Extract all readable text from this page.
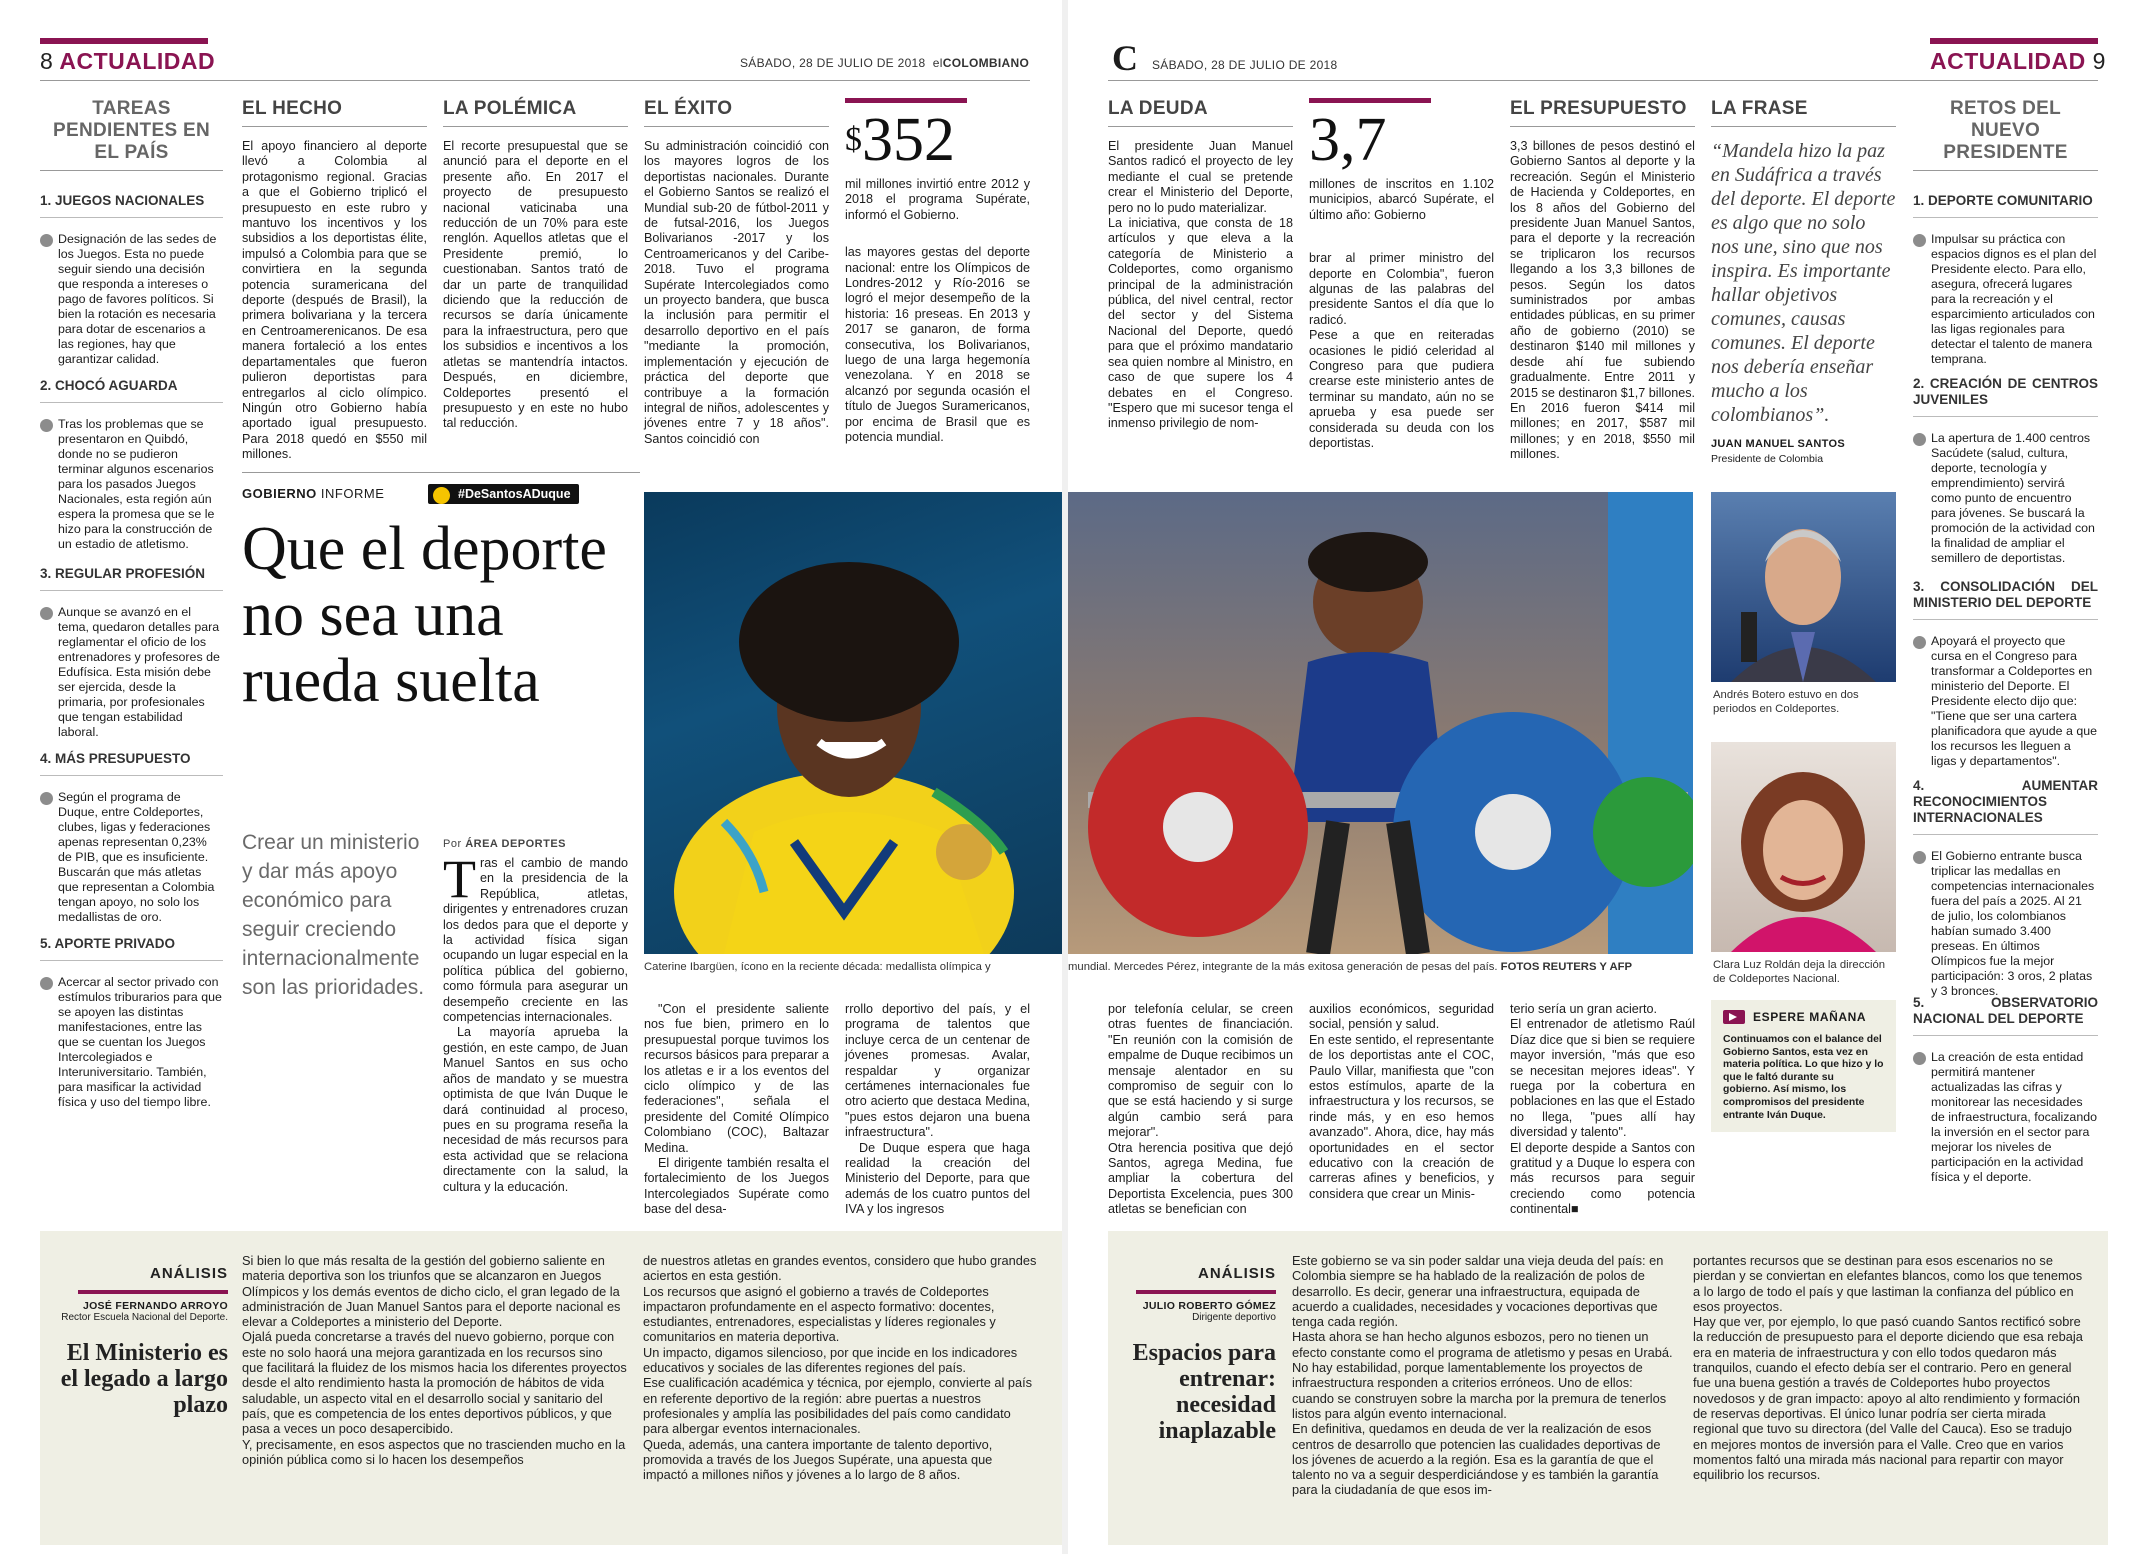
8 ACTUALIDAD	SÁBADO, 28 DE JULIO DE 2018 elCOLOMBIANO
TAREAS PENDIENTES EN EL PAÍS
1. JUEGOS NACIONALES
Designación de las sedes de los Juegos. Esta no puede seguir siendo una decisión que responda a intereses o pago de favores políticos. Si bien la rotación es necesaria para dotar de escenarios a las regiones, hay que garantizar calidad.
2. CHOCÓ AGUARDA
Tras los problemas que se presentaron en Quibdó, donde no se pudieron terminar algunos escenarios para los pasados Juegos Nacionales, esta región aún espera la promesa que se le hizo para la construcción de un estadio de atletismo.
3. REGULAR PROFESIÓN
Aunque se avanzó en el tema, quedaron detalles para reglamentar el oficio de los entrenadores y profesores de Edufísica. Esta misión debe ser ejercida, desde la primaria, por profesionales que tengan estabilidad laboral.
4. MÁS PRESUPUESTO
Según el programa de Duque, entre Coldeportes, clubes, ligas y federaciones apenas representan 0,23% de PIB, que es insuficiente. Buscarán que más atletas que representan a Colombia tengan apoyo, no solo los medallistas de oro.
5. APORTE PRIVADO
Acercar al sector privado con estímulos triburarios para que se apoyen las distintas manifestaciones, entre las que se cuentan los Juegos Intercolegiados e Interuniversitario. También, para masificar la actividad física y uso del tiempo libre.
EL HECHO

El apoyo financiero al deporte llevó a Colombia al protagonismo regional. Gracias a que el Gobierno triplicó el presupuesto en este rubro y mantuvo los incentivos y los subsidios a los deportistas élite, impulsó a Colombia para que se convirtiera en la segunda potencia suramericana del deporte (después de Brasil), la primera bolivariana y la tercera en Centroamerenicanos. De esa manera fortaleció a los entes departamentales que fueron pulieron deportistas para entregarlos al ciclo olímpico. Ningún otro Gobierno había aportado igual presupuesto. Para 2018 quedó en $550 mil millones.

LA POLÉMICA

El recorte presupuestal que se anunció para el deporte en el presente año. En 2017 el proyecto de presupuesto nacional vaticinaba una reducción de un 70% para este renglón. Aquellos atletas que el Presidente premió, lo cuestionaban. Santos trató de dar un parte de tranquilidad diciendo que la reducción de recursos se daría únicamente para la infraestructura, pero que los subsidios e incentivos a los atletas se mantendría intactos. Después, en diciembre, Coldeportes presentó el presupuesto y en este no hubo tal reducción.

EL ÉXITO

Su administración coincidió con los mayores logros de los deportistas nacionales. Durante el Gobierno Santos se realizó el Mundial sub-20 de fútbol-2011 y de futsal-2016, los Juegos Bolivarianos -2017 y los Centroamericanos y del Caribe-2018. Tuvo el programa Supérate Intercolegiados como un proyecto bandera, que busca la inclusión para permitir el desarrollo deportivo en el país "mediante la promoción, implementación y ejecución de práctica del deporte que contribuye a la formación integral de niños, adolescentes y jóvenes entre 7 y 18 años". Santos coincidió con

$352

mil millones invirtió entre 2012 y 2018 el programa Supérate, informó el Gobierno.

las mayores gestas del deporte nacional: entre los Olímpicos de Londres-2012 y Río-2016 se logró el mejor desempeño de la historia: 16 preseas. En 2013 y 2017 se ganaron, de forma consecutiva, los Bolivarianos, luego de una larga hegemonía venezolana. Y en 2018 se alcanzó por segunda ocasión el título de Juegos Suramericanos, por encima de Brasil que es potencia mundial.

GOBIERNO INFORME	#DeSantosADuque
Que el deporte no sea una rueda suelta
Crear un ministerio y dar más apoyo económico para seguir creciendo internacionalmente son las prioridades.
Por ÁREA DEPORTES

Tras el cambio de mando en la presidencia de la República, atletas, dirigentes y entrenadores cruzan los dedos para que el deporte y la actividad física sigan ocupando un lugar especial en la política pública del gobierno, como fórmula para asegurar un desempeño creciente en las competencias internacionales.

La mayoría aprueba la gestión, en este campo, de Juan Manuel Santos en sus ocho años de mandato y se muestra optimista de que Iván Duque le dará continuidad al proceso, pues en su programa reseña la necesidad de más recursos para esta actividad que se relaciona directamente con la salud, la cultura y la educación.

"Con el presidente saliente nos fue bien, primero en lo presupuestal porque tuvimos los recursos básicos para preparar a los atletas e ir a los eventos del ciclo olímpico y de las federaciones", señala el presidente del Comité Olímpico Colombiano (COC), Baltazar Medina.

El dirigente también resalta el fortalecimiento de los Juegos Intercolegiados Supérate como base del desa-

rrollo deportivo del país, y el programa de talentos que incluye cerca de un centenar de jóvenes promesas. Avalar, respaldar y organizar certámenes internacionales fue otro acierto que destaca Medina, "pues estos dejaron una buena infraestructura".

De Duque espera que haga realidad la creación del Ministerio del Deporte, para que además de los cuatro puntos del IVA y los ingresos

Caterine Ibargüen, ícono en la reciente década: medallista olímpica y
ANÁLISIS
JOSÉ FERNANDO ARROYO
Rector Escuela Nacional del Deporte.
El Ministerio es el legado a largo plazo
Si bien lo que más resalta de la gestión del gobierno saliente en materia deportiva son los triunfos que se alcanzaron en Juegos Olímpicos y los demás eventos de dicho ciclo, el gran legado de la administración de Juan Manuel Santos para el deporte nacional es elevar a Coldeportes a ministerio del Deporte.
Ojalá pueda concretarse a través del nuevo gobierno, porque con este no solo haorá una mejora garantizada en los recursos sino que facilitará la fluidez de los mismos hacia los diferentes proyectos desde el alto rendimiento hasta la promoción de hábitos de vida saludable, un aspecto vital en el desarrollo social y sanitario del país, que es competencia de los entes deportivos públicos, y que pasa a veces un poco desapercibido.
Y, precisamente, en esos aspectos que no trascienden mucho en la opinión pública como si lo hacen los desempeños
de nuestros atletas en grandes eventos, considero que hubo grandes aciertos en esta gestión.
Los recursos que asignó el gobierno a través de Coldeportes impactaron profundamente en el aspecto formativo: docentes, estudiantes, entrenadores, especialistas y líderes regionales y comunitarios en materia deportiva.
Un impacto, digamos silencioso, por que incide en los indicadores educativos y sociales de las diferentes regiones del país.
Ese cualificación académica y técnica, por ejemplo, convierte al país en referente deportivo de la región: abre puertas a nuestros profesionales y amplía las posibilidades del país como candidato para albergar eventos internacionales.
Queda, además, una cantera importante de talento deportivo, promovida a través de los Juegos Supérate, una apuesta que impactó a millones niños y jóvenes a lo largo de 8 años.
C SÁBADO, 28 DE JULIO DE 2018	ACTUALIDAD 9
LA DEUDA

El presidente Juan Manuel Santos radicó el proyecto de ley mediante el cual se pretende crear el Ministerio del Deporte, pero no lo pudo materializar.
La iniciativa, que consta de 18 artículos y que eleva a la categoría de Ministerio a Coldeportes, como organismo principal de la administración pública, del nivel central, rector del sector y del Sistema Nacional del Deporte, quedó para que el próximo mandatario sea quien nombre al Ministro, en caso de que supere los 4 debates en el Congreso. "Espero que mi sucesor tenga el inmenso privilegio de nom-

3,7

millones de inscritos en 1.102 municipios, abarcó Supérate, el último año: Gobierno

brar al primer ministro del deporte en Colombia", fueron algunas de las palabras del presidente Santos el día que lo radicó.
Pese a que en reiteradas ocasiones le pidió celeridad al Congreso para que pudiera crearse este ministerio antes de terminar su mandato, aún no se aprueba y esa puede ser considerada su deuda con los deportistas.

EL PRESUPUESTO

3,3 billones de pesos destinó el Gobierno Santos al deporte y la recreación. Según el Ministerio de Hacienda y Coldeportes, en los 8 años del Gobierno del presidente Juan Manuel Santos, para el deporte y la recreación se triplicaron los recursos llegando a los 3,3 billones de pesos. Según los datos suministrados por ambas entidades públicas, en su primer año de gobierno (2010) se destinaron $140 mil millones y desde ahí fue subiendo gradualmente. Entre 2011 y 2015 se destinaron $1,7 billones. En 2016 fueron $414 mil millones; en 2017, $587 mil millones; y en 2018, $550 mil millones.

LA FRASE
“Mandela hizo la paz en Sudáfrica a través del deporte. El deporte es algo que no solo nos une, sino que nos inspira. Es importante hallar objetivos comunes, causas comunes. El deporte nos debería enseñar mucho a los colombianos”.
JUAN MANUEL SANTOS
Presidente de Colombia
RETOS DEL NUEVO PRESIDENTE
1. DEPORTE COMUNITARIO
Impulsar su práctica con espacios dignos es el plan del Presidente electo. Para ello, asegura, ofrecerá lugares para la recreación y el esparcimiento articulados con las ligas regionales para detectar el talento de manera temprana.
2. CREACIÓN DE CENTROS JUVENILES
La apertura de 1.400 centros Sacúdete (salud, cultura, deporte, tecnología y emprendimiento) servirá como punto de encuentro para jóvenes. Se buscará la promoción de la actividad con la finalidad de ampliar el semillero de deportistas.
3. CONSOLIDACIÓN DEL MINISTERIO DEL DEPORTE
Apoyará el proyecto que cursa en el Congreso para transformar a Coldeportes en ministerio del Deporte. El Presidente electo dijo que: "Tiene que ser una cartera planificadora que ayude a que los recursos les lleguen a ligas y departamentos".
4. AUMENTAR RECONOCIMIENTOS INTERNACIONALES
El Gobierno entrante busca triplicar las medallas en competencias internacionales fuera del país a 2025. Al 21 de julio, los colombianos habían sumado 3.400 preseas. En últimos Olímpicos fue la mejor participación: 3 oros, 2 platas y 3 bronces.
5. OBSERVATORIO NACIONAL DEL DEPORTE
La creación de esta entidad permitirá mantener actualizadas las cifras y monitorear las necesidades de infraestructura, focalizando la inversión en el sector para mejorar los niveles de participación en la actividad física y el deporte.
mundial. Mercedes Pérez, integrante de la más exitosa generación de pesas del país. FOTOS REUTERS Y AFP
Andrés Botero estuvo en dos periodos en Coldeportes.
Clara Luz Roldán deja la dirección de Coldeportes Nacional.
por telefonía celular, se creen otras fuentes de financiación. "En reunión con la comisión de empalme de Duque recibimos un mensaje alentador en su compromiso de seguir con lo que se está haciendo y si surge algún cambio será para mejorar".
Otra herencia positiva que dejó Santos, agrega Medina, fue ampliar la cobertura del Deportista Excelencia, pues 300 atletas se benefician con
auxilios económicos, seguridad social, pensión y salud.
En este sentido, el representante de los deportistas ante el COC, Paulo Villar, manifiesta que "con estos estímulos, aparte de la infraestructura y los recursos, se rinde más, y en eso hemos avanzado". Ahora, dice, hay más oportunidades en el sector educativo con la creación de carreras afines y beneficios, y considera que crear un Minis-
terio sería un gran acierto.
El entrenador de atletismo Raúl Díaz dice que si bien se requiere mayor inversión, "más que eso se necesitan mejores ideas". Y ruega por la cobertura en poblaciones en las que el Estado no llega, "pues allí hay diversidad y talento".
El deporte despide a Santos con gratitud y a Duque lo espera con más recursos para seguir creciendo como potencia continental■
ESPERE MAÑANA
Continuamos con el balance del Gobierno Santos, esta vez en materia política. Lo que hizo y lo que le faltó durante su gobierno. Así mismo, los compromisos del presidente entrante Iván Duque.
ANÁLISIS
JULIO ROBERTO GÓMEZ
Dirigente deportivo
Espacios para entrenar: necesidad inaplazable
Este gobierno se va sin poder saldar una vieja deuda del país: en Colombia siempre se ha hablado de la realización de polos de desarrollo. Es decir, generar una infraestructura, equipada de acuerdo a cualidades, necesidades y vocaciones deportivas que tenga cada región.
Hasta ahora se han hecho algunos esbozos, pero no tienen un efecto constante como el programa de atletismo y pesas en Urabá. No hay estabilidad, porque lamentablemente los proyectos de infraestructura responden a criterios erróneos. Uno de ellos: cuando se construyen sobre la marcha por la premura de tenerlos listos para algún evento internacional.
En definitiva, quedamos en deuda de ver la realización de esos centros de desarrollo que potencien las cualidades deportivas de los jóvenes de acuerdo a la región. Esa es la garantía de que el talento no va a seguir desperdiciándose y es también la garantía para la ciudadanía de que esos im-
portantes recursos que se destinan para esos escenarios no se pierdan y se conviertan en elefantes blancos, como los que tenemos a lo largo de todo el país y que lastiman la confianza del público en esos proyectos.
Hay que ver, por ejemplo, lo que pasó cuando Santos rectificó sobre la reducción de presupuesto para el deporte diciendo que esa rebaja era en materia de infraestructura y con ello todos quedaron más tranquilos, cuando el efecto debía ser el contrario. Pero en general fue una buena gestión a través de Coldeportes hubo proyectos novedosos y de gran impacto: apoyo al alto rendimiento y formación de reservas deportivas. El único lunar podría ser cierta mirada regional que tuvo su directora (del Valle del Cauca). Eso se tradujo en mejores montos de inversión para el Valle. Creo que en varios momentos faltó una mirada más nacional para repartir con mayor equilibrio los recursos.
